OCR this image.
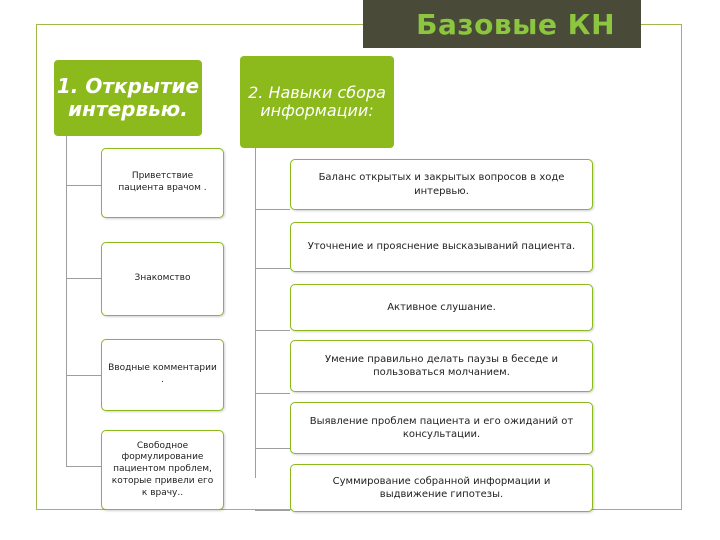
Базовые КН
1. Открытие интервью.
2. Навыки сбора информации:
Приветствие пациента врачом .
Знакомство
Вводные комментарии .
Свободное формулирование пациентом проблем, которые привели его к врачу..
Баланс открытых и закрытых вопросов в ходе интервью.
Уточнение и прояснение высказываний пациента.
Активное слушание.
Умение правильно делать паузы в беседе и пользоваться молчанием.
Выявление проблем пациента и его ожиданий от консультации.
Суммирование собранной информации и выдвижение гипотезы.
